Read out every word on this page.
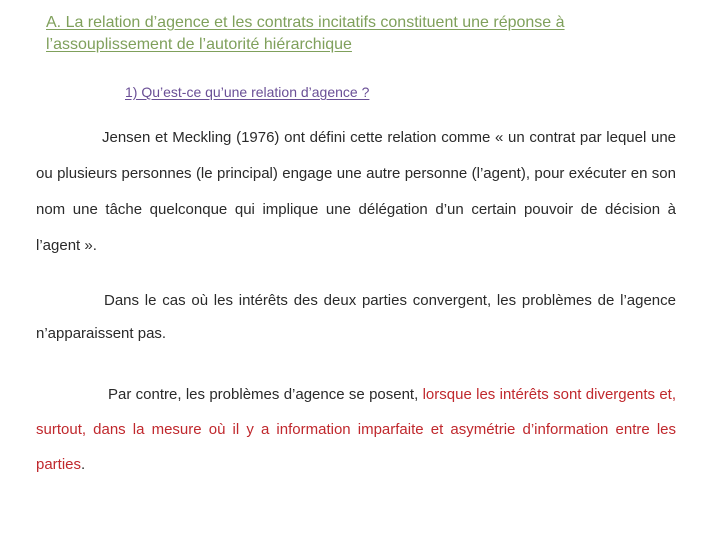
A. La relation d’agence et les contrats incitatifs constituent une réponse à
l’assouplissement de l’autorité hiérarchique
1) Qu’est-ce qu’une relation d’agence ?
Jensen et Meckling (1976) ont défini cette relation comme « un contrat par lequel une ou plusieurs personnes (le principal) engage une autre personne (l’agent), pour exécuter en son nom une tâche quelconque qui implique une délégation d’un certain pouvoir de décision à l’agent ».
Dans le cas où les intérêts des deux parties convergent, les problèmes de l’agence n’apparaissent pas.
Par contre, les problèmes d’agence se posent, lorsque les intérêts sont divergents et, surtout, dans la mesure où il y a information imparfaite et asymétrie d’information entre les parties.
